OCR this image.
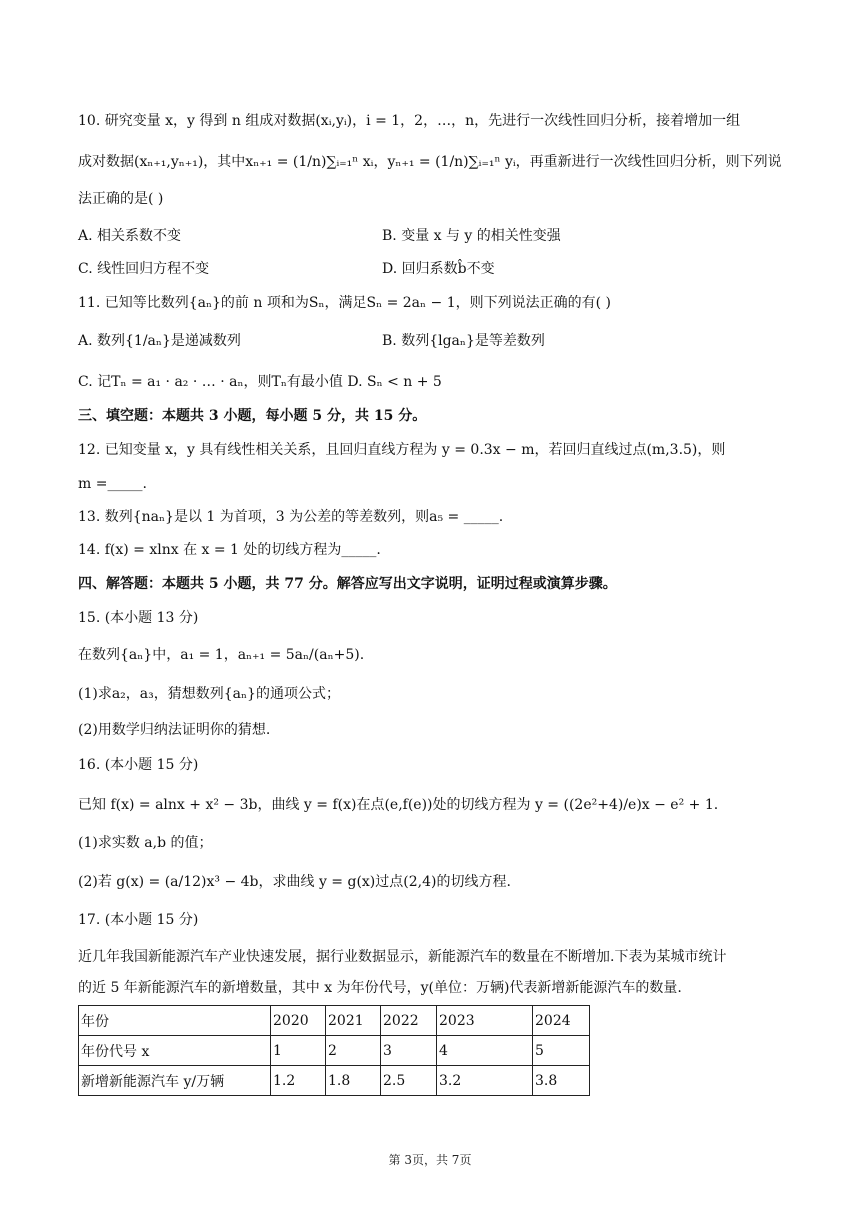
10. 研究变量 x，y 得到 n 组成对数据(xᵢ,yᵢ)，i = 1，2，…，n，先进行一次线性回归分析，接着增加一组
成对数据(xₙ₊₁,yₙ₊₁)，其中xₙ₊₁ = (1/n)∑ᵢ₌₁ⁿ xᵢ，yₙ₊₁ = (1/n)∑ᵢ₌₁ⁿ yᵢ，再重新进行一次线性回归分析，则下列说
法正确的是( )
A. 相关系数不变	B. 变量 x 与 y 的相关性变强
C. 线性回归方程不变	D. 回归系数b̂不变
11. 已知等比数列{aₙ}的前 n 项和为Sₙ，满足Sₙ = 2aₙ − 1，则下列说法正确的有( )
A. 数列{1/aₙ}是递减数列	B. 数列{lgaₙ}是等差数列
C. 记Tₙ = a₁ · a₂ · … · aₙ，则Tₙ有最小值 D. Sₙ < n + 5
三、填空题：本题共 3 小题，每小题 5 分，共 15 分。
12. 已知变量 x，y 具有线性相关关系，且回归直线方程为 y = 0.3x − m，若回归直线过点(m,3.5)，则
m =_____.
13. 数列{naₙ}是以 1 为首项，3 为公差的等差数列，则a₅ = _____.
14. f(x) = xlnx 在 x = 1 处的切线方程为_____.
四、解答题：本题共 5 小题，共 77 分。解答应写出文字说明，证明过程或演算步骤。
15. (本小题 13 分)
在数列{aₙ}中，a₁ = 1，aₙ₊₁ = 5aₙ/(aₙ+5).
(1)求a₂，a₃，猜想数列{aₙ}的通项公式；
(2)用数学归纳法证明你的猜想.
16. (本小题 15 分)
已知 f(x) = alnx + x² − 3b，曲线 y = f(x)在点(e,f(e))处的切线方程为 y = ((2e²+4)/e)x − e² + 1.
(1)求实数 a,b 的值；
(2)若 g(x) = (a/12)x³ − 4b，求曲线 y = g(x)过点(2,4)的切线方程.
17. (本小题 15 分)
近几年我国新能源汽车产业快速发展，据行业数据显示，新能源汽车的数量在不断增加.下表为某城市统计
的近 5 年新能源汽车的新增数量，其中 x 为年份代号，y(单位：万辆)代表新增新能源汽车的数量.
年份	2020	2021	2022	2023	2024
年份代号 x	1	2	3	4	5
新增新能源汽车 y/万辆	1.2	1.8	2.5	3.2	3.8
第 3页，共 7页
